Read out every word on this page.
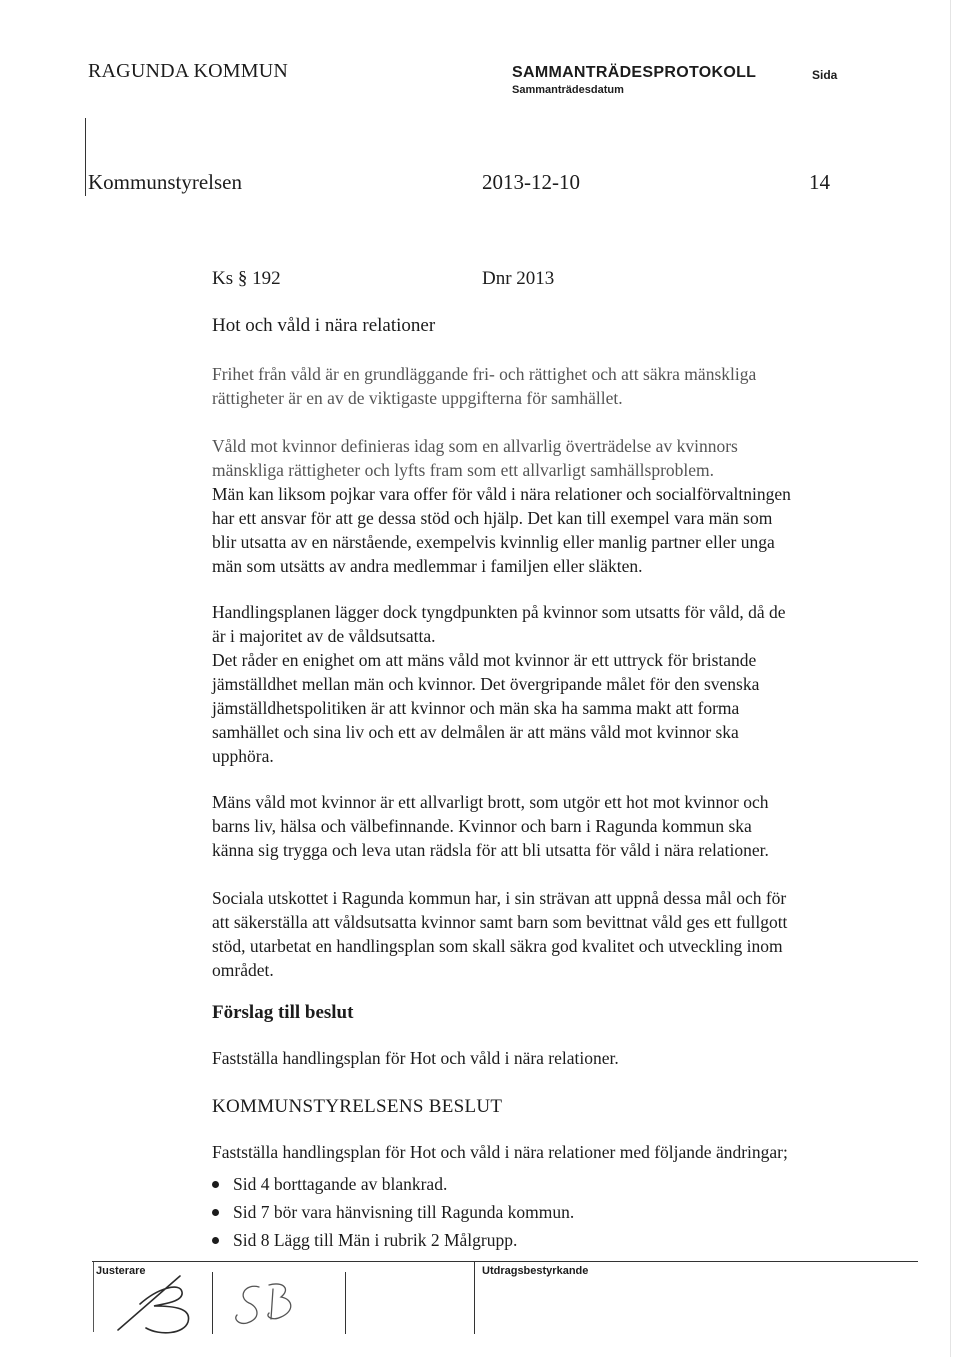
RAGUNDA KOMMUN	SAMMANTRÄDESPROTOKOLL
Sammanträdesdatum
Sida
Kommunstyrelsen	2013-12-10	14
Ks § 192	Dnr 2013
Hot och våld i nära relationer
Frihet från våld är en grundläggande fri- och rättighet och att säkra mänskliga
rättigheter är en av de viktigaste uppgifterna för samhället.
Våld mot kvinnor definieras idag som en allvarlig överträdelse av kvinnors
mänskliga rättigheter och lyfts fram som ett allvarligt samhällsproblem.
Män kan liksom pojkar vara offer för våld i nära relationer och socialförvaltningen
har ett ansvar för att ge dessa stöd och hjälp. Det kan till exempel vara män som
blir utsatta av en närstående, exempelvis kvinnlig eller manlig partner eller unga
män som utsätts av andra medlemmar i familjen eller släkten.
Handlingsplanen lägger dock tyngdpunkten på kvinnor som utsatts för våld, då de
är i majoritet av de våldsutsatta.
Det råder en enighet om att mäns våld mot kvinnor är ett uttryck för bristande
jämställdhet mellan män och kvinnor. Det övergripande målet för den svenska
jämställdhetspolitiken är att kvinnor och män ska ha samma makt att forma
samhället och sina liv och ett av delmålen är att mäns våld mot kvinnor ska
upphöra.
Mäns våld mot kvinnor är ett allvarligt brott, som utgör ett hot mot kvinnor och
barns liv, hälsa och välbefinnande. Kvinnor och barn i Ragunda kommun ska
känna sig trygga och leva utan rädsla för att bli utsatta för våld i nära relationer.
Sociala utskottet i Ragunda kommun har, i sin strävan att uppnå dessa mål och för
att säkerställa att våldsutsatta kvinnor samt barn som bevittnat våld ges ett fullgott
stöd, utarbetat en handlingsplan som skall säkra god kvalitet och utveckling inom
området.
Förslag till beslut
Fastställa handlingsplan för Hot och våld i nära relationer.
KOMMUNSTYRELSENS BESLUT
Fastställa handlingsplan för Hot och våld i nära relationer med följande ändringar;
Sid 4 borttagande av blankrad.
Sid 7 bör vara hänvisning till Ragunda kommun.
Sid 8 Lägg till Män i rubrik 2 Målgrupp.
Justerare	Utdragsbestyrkande
